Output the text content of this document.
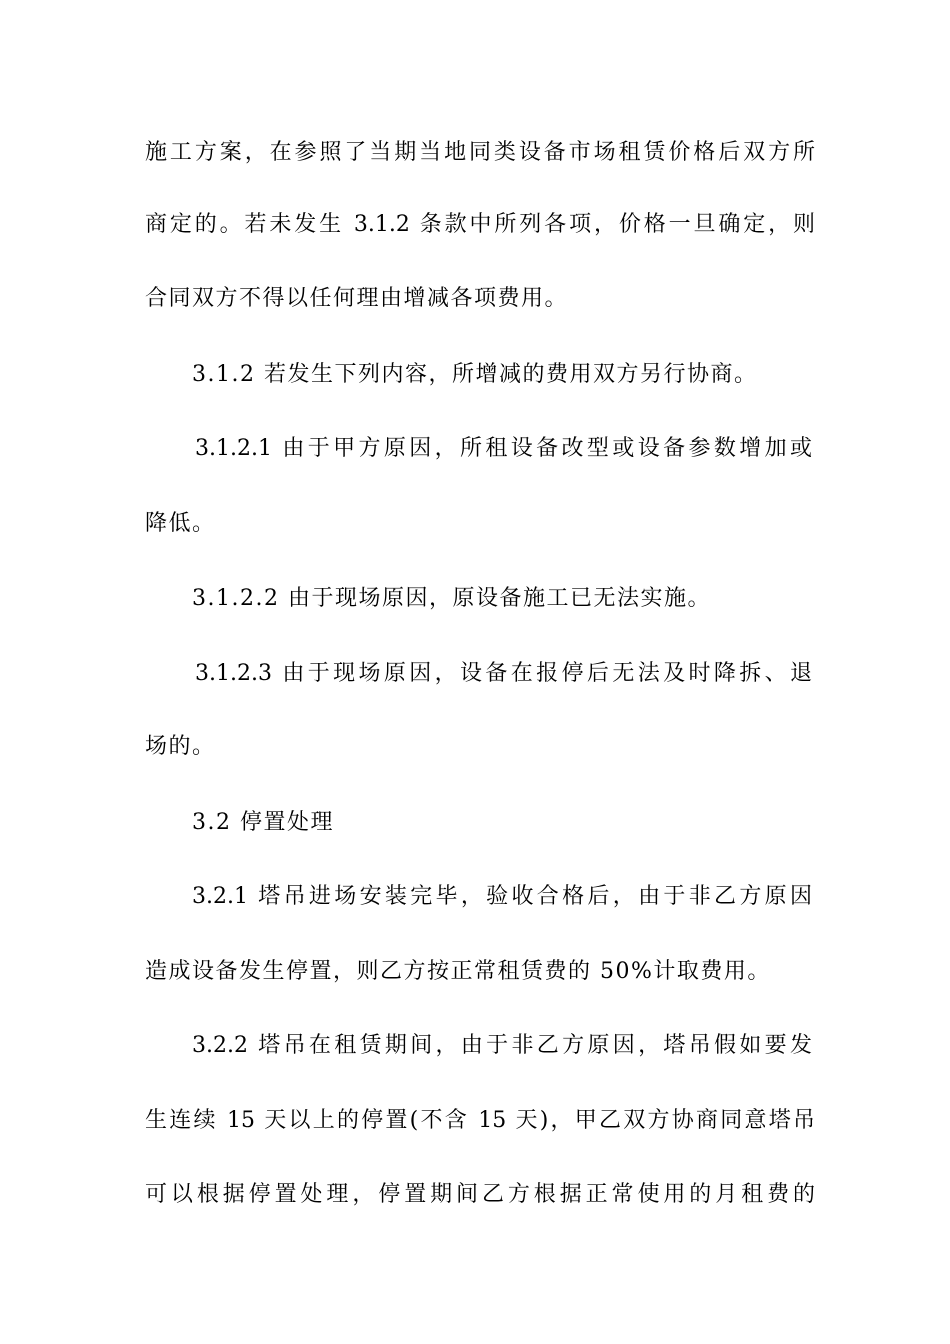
施工方案，在参照了当期当地同类设备市场租赁价格后双方所
商定的。若未发生 3.1.2 条款中所列各项，价格一旦确定，则
合同双方不得以任何理由增减各项费用。
3.1.2 若发生下列内容，所增减的费用双方另行协商。
3.1.2.1 由于甲方原因，所租设备改型或设备参数增加或
降低。
3.1.2.2 由于现场原因，原设备施工已无法实施。
3.1.2.3 由于现场原因，设备在报停后无法及时降拆、退
场的。
3.2 停置处理
3.2.1 塔吊进场安装完毕，验收合格后，由于非乙方原因
造成设备发生停置，则乙方按正常租赁费的 50%计取费用。
3.2.2 塔吊在租赁期间，由于非乙方原因，塔吊假如要发
生连续 15 天以上的停置(不含 15 天)，甲乙双方协商同意塔吊
可以根据停置处理，停置期间乙方根据正常使用的月租费的
